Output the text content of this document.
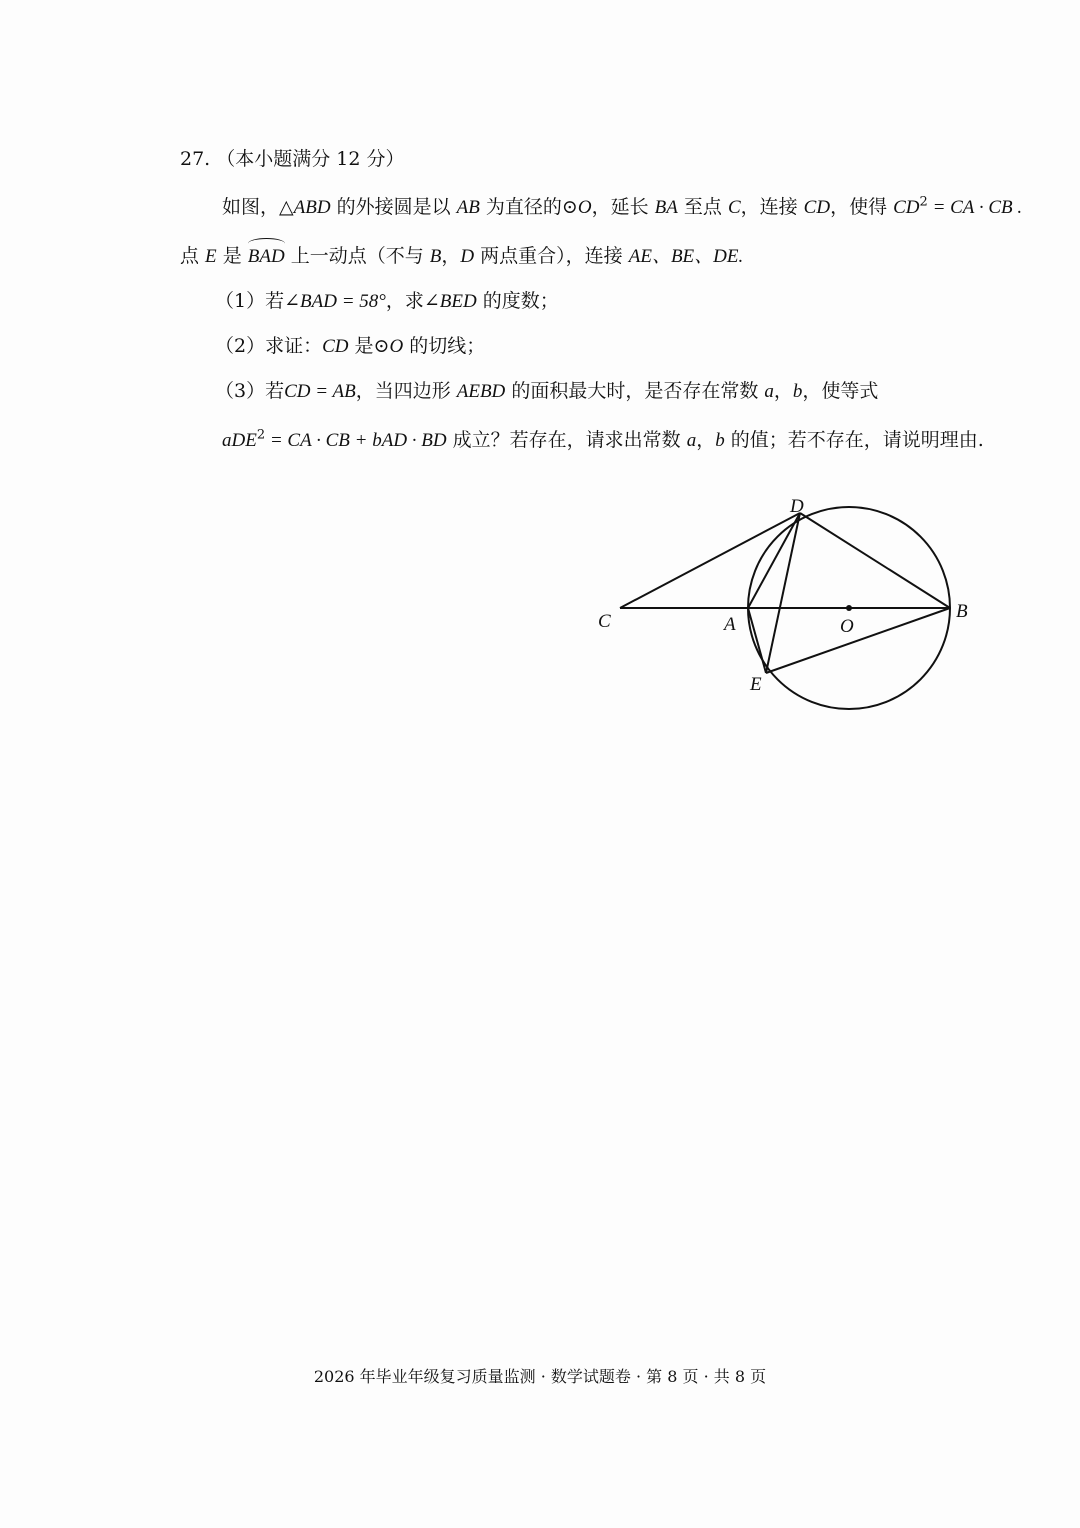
27. （本小题满分 12 分）
如图，△ABD 的外接圆是以 AB 为直径的⊙O，延长 BA 至点 C，连接 CD，使得 $CD^2$ = CA · CB .
点 E 是 BAD 上一动点（不与 B，D 两点重合），连接 AE、BE、DE.
（1）若∠BAD = 58°，求∠BED 的度数；
（2）求证：CD 是⊙O 的切线；
（3）若CD = AB，当四边形 AEBD 的面积最大时，是否存在常数 a，b，使等式
aDE$^2$ = CA · CB + bAD · BD 成立？若存在，请求出常数 a，b 的值；若不存在，请说明理由.
C	A	O
B
D
E
2026 年毕业年级复习质量监测 · 数学试题卷 · 第 8 页 · 共 8 页
